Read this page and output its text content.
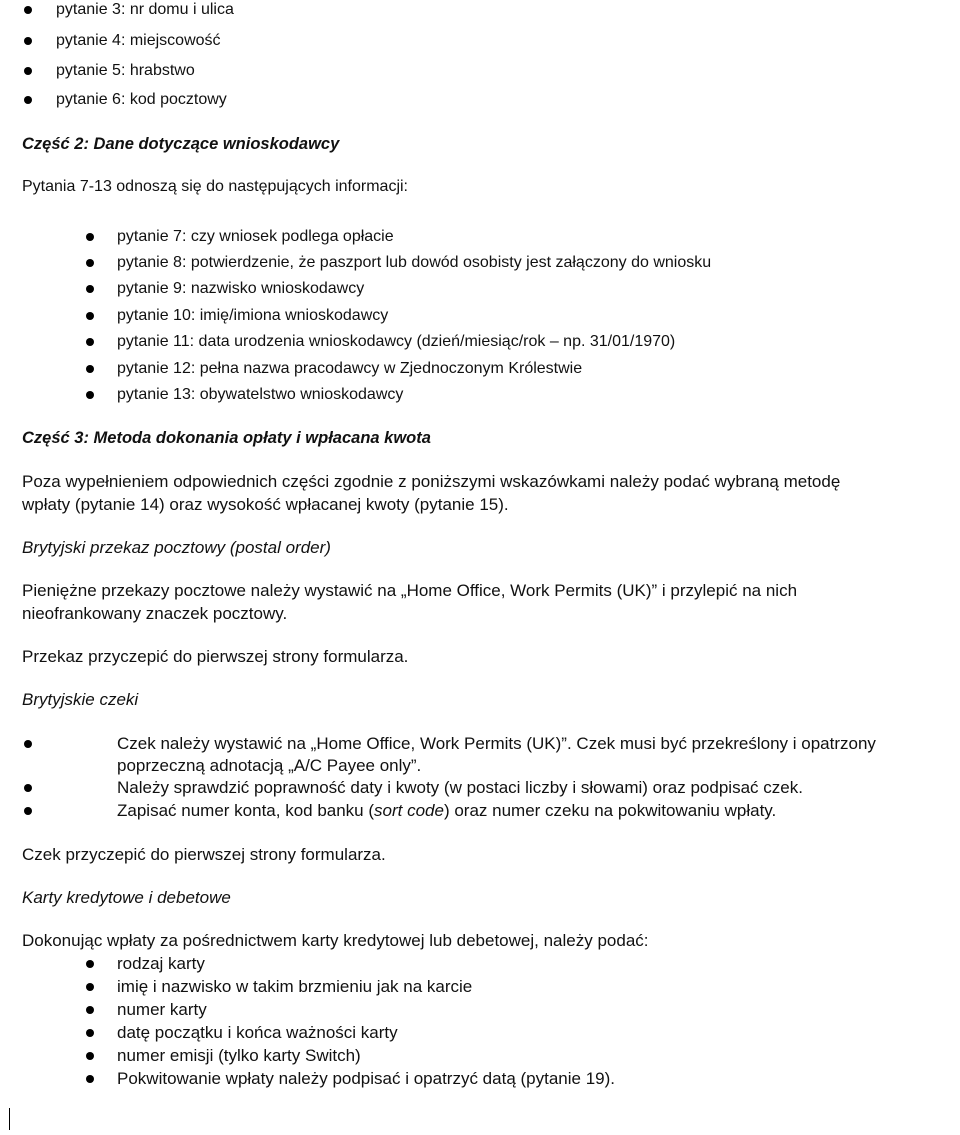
pytanie 3: nr domu i ulica
pytanie 4: miejscowość
pytanie 5: hrabstwo
pytanie 6: kod pocztowy
Część 2: Dane dotyczące wnioskodawcy
Pytania 7-13 odnoszą się do następujących informacji:
pytanie 7: czy wniosek podlega opłacie
pytanie 8: potwierdzenie, że paszport lub dowód osobisty jest załączony do wniosku
pytanie 9: nazwisko wnioskodawcy
pytanie 10: imię/imiona wnioskodawcy
pytanie 11: data urodzenia wnioskodawcy (dzień/miesiąc/rok – np. 31/01/1970)
pytanie 12: pełna nazwa pracodawcy w Zjednoczonym Królestwie
pytanie 13: obywatelstwo wnioskodawcy
Część 3: Metoda dokonania opłaty i wpłacana kwota
Poza wypełnieniem odpowiednich części zgodnie z poniższymi wskazówkami należy podać wybraną metodę
wpłaty (pytanie 14) oraz wysokość wpłacanej kwoty (pytanie 15).
Brytyjski przekaz pocztowy (postal order)
Pieniężne przekazy pocztowe należy wystawić na „Home Office, Work Permits (UK)” i przylepić na nich
nieofrankowany znaczek pocztowy.
Przekaz przyczepić do pierwszej strony formularza.
Brytyjskie czeki
Czek należy wystawić na „Home Office, Work Permits (UK)”. Czek musi być przekreślony i opatrzony
poprzeczną adnotacją „A/C Payee only”.
Należy sprawdzić poprawność daty i kwoty (w postaci liczby i słowami) oraz podpisać czek.
Zapisać numer konta, kod banku (sort code) oraz numer czeku na pokwitowaniu wpłaty.
Czek przyczepić do pierwszej strony formularza.
Karty kredytowe i debetowe
Dokonując wpłaty za pośrednictwem karty kredytowej lub debetowej, należy podać:
rodzaj karty
imię i nazwisko w takim brzmieniu jak na karcie
numer karty
datę początku i końca ważności karty
numer emisji (tylko karty Switch)
Pokwitowanie wpłaty należy podpisać i opatrzyć datą (pytanie 19).
